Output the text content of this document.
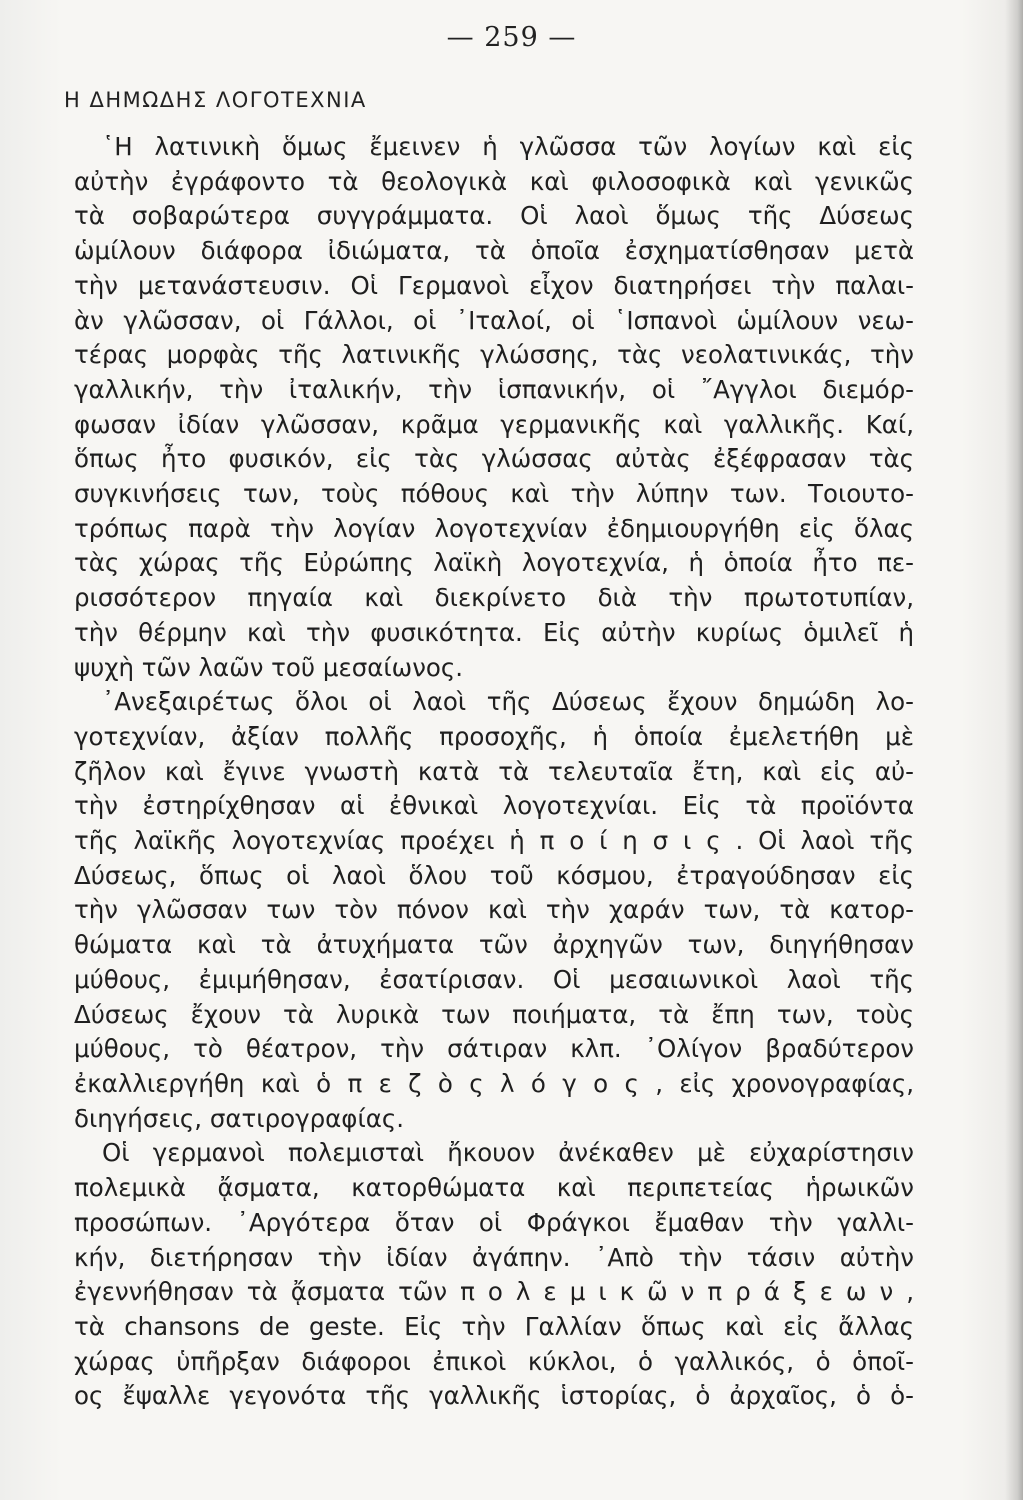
— 259 —
Η ΔΗΜΩΔΗΣ ΛΟΓΟΤΕΧΝΙΑ
῾Η λατινικὴ ὅμως ἔμεινεν ἡ γλῶσσα τῶν λογίων καὶ εἰς
αὐτὴν ἐγράφοντο τὰ θεολογικὰ καὶ φιλοσοφικὰ καὶ γενικῶς
τὰ σοβαρώτερα συγγράμματα. Οἱ λαοὶ ὅμως τῆς Δύσεως
ὡμίλουν διάφορα ἰδιώματα, τὰ ὁποῖα ἐσχηματίσθησαν μετὰ
τὴν μετανάστευσιν. Οἱ Γερμανοὶ εἶχον διατηρήσει τὴν παλαι-
ὰν γλῶσσαν, οἱ Γάλλοι, οἱ ᾿Ιταλοί, οἱ ῾Ισπανοὶ ὡμίλουν νεω-
τέρας μορφὰς τῆς λατινικῆς γλώσσης, τὰς νεολατινικάς, τὴν
γαλλικήν, τὴν ἰταλικήν, τὴν ἱσπανικήν, οἱ ῎Αγγλοι διεμόρ-
φωσαν ἰδίαν γλῶσσαν, κρᾶμα γερμανικῆς καὶ γαλλικῆς. Καί,
ὅπως ἦτο φυσικόν, εἰς τὰς γλώσσας αὐτὰς ἐξέφρασαν τὰς
συγκινήσεις των, τοὺς πόθους καὶ τὴν λύπην των. Τοιουτο-
τρόπως παρὰ τὴν λογίαν λογοτεχνίαν ἐδημιουργήθη εἰς ὅλας
τὰς χώρας τῆς Εὐρώπης λαϊκὴ λογοτεχνία, ἡ ὁποία ἦτο πε-
ρισσότερον πηγαία καὶ διεκρίνετο διὰ τὴν πρωτοτυπίαν,
τὴν θέρμην καὶ τὴν φυσικότητα. Εἰς αὐτὴν κυρίως ὁμιλεῖ ἡ
ψυχὴ τῶν λαῶν τοῦ μεσαίωνος.
᾿Ανεξαιρέτως ὅλοι οἱ λαοὶ τῆς Δύσεως ἔχουν δημώδη λο-
γοτεχνίαν, ἀξίαν πολλῆς προσοχῆς, ἡ ὁποία ἐμελετήθη μὲ
ζῆλον καὶ ἔγινε γνωστὴ κατὰ τὰ τελευταῖα ἔτη, καὶ εἰς αὐ-
τὴν ἐστηρίχθησαν αἱ ἐθνικαὶ λογοτεχνίαι. Εἰς τὰ προϊόντα
τῆς λαϊκῆς λογοτεχνίας προέχει ἡ π ο ί η σ ι ς . Οἱ λαοὶ τῆς
Δύσεως, ὅπως οἱ λαοὶ ὅλου τοῦ κόσμου, ἐτραγούδησαν εἰς
τὴν γλῶσσαν των τὸν πόνον καὶ τὴν χαράν των, τὰ κατορ-
θώματα καὶ τὰ ἀτυχήματα τῶν ἀρχηγῶν των, διηγήθησαν
μύθους, ἐμιμήθησαν, ἐσατίρισαν. Οἱ μεσαιωνικοὶ λαοὶ τῆς
Δύσεως ἔχουν τὰ λυρικὰ των ποιήματα, τὰ ἔπη των, τοὺς
μύθους, τὸ θέατρον, τὴν σάτιραν κλπ. ᾿Ολίγον βραδύτερον
ἐκαλλιεργήθη καὶ ὁ π ε ζ ὸ ς λ ό γ ο ς , εἰς χρονογραφίας,
διηγήσεις, σατιρογραφίας.
Οἱ γερμανοὶ πολεμισταὶ ἤκουον ἀνέκαθεν μὲ εὐχαρίστησιν
πολεμικὰ ᾄσματα, κατορθώματα καὶ περιπετείας ἡρωικῶν
προσώπων. ᾿Αργότερα ὅταν οἱ Φράγκοι ἔμαθαν τὴν γαλλι-
κήν, διετήρησαν τὴν ἰδίαν ἀγάπην. ᾿Απὸ τὴν τάσιν αὐτὴν
ἐγεννήθησαν τὰ ᾄσματα τῶν π ο λ ε μ ι κ ῶ ν π ρ ά ξ ε ω ν ,
τὰ chansons de geste. Εἰς τὴν Γαλλίαν ὅπως καὶ εἰς ἄλλας
χώρας ὑπῆρξαν διάφοροι ἐπικοὶ κύκλοι, ὁ γαλλικός, ὁ ὁποῖ-
ος ἔψαλλε γεγονότα τῆς γαλλικῆς ἱστορίας, ὁ ἀρχαῖος, ὁ ὁ-
